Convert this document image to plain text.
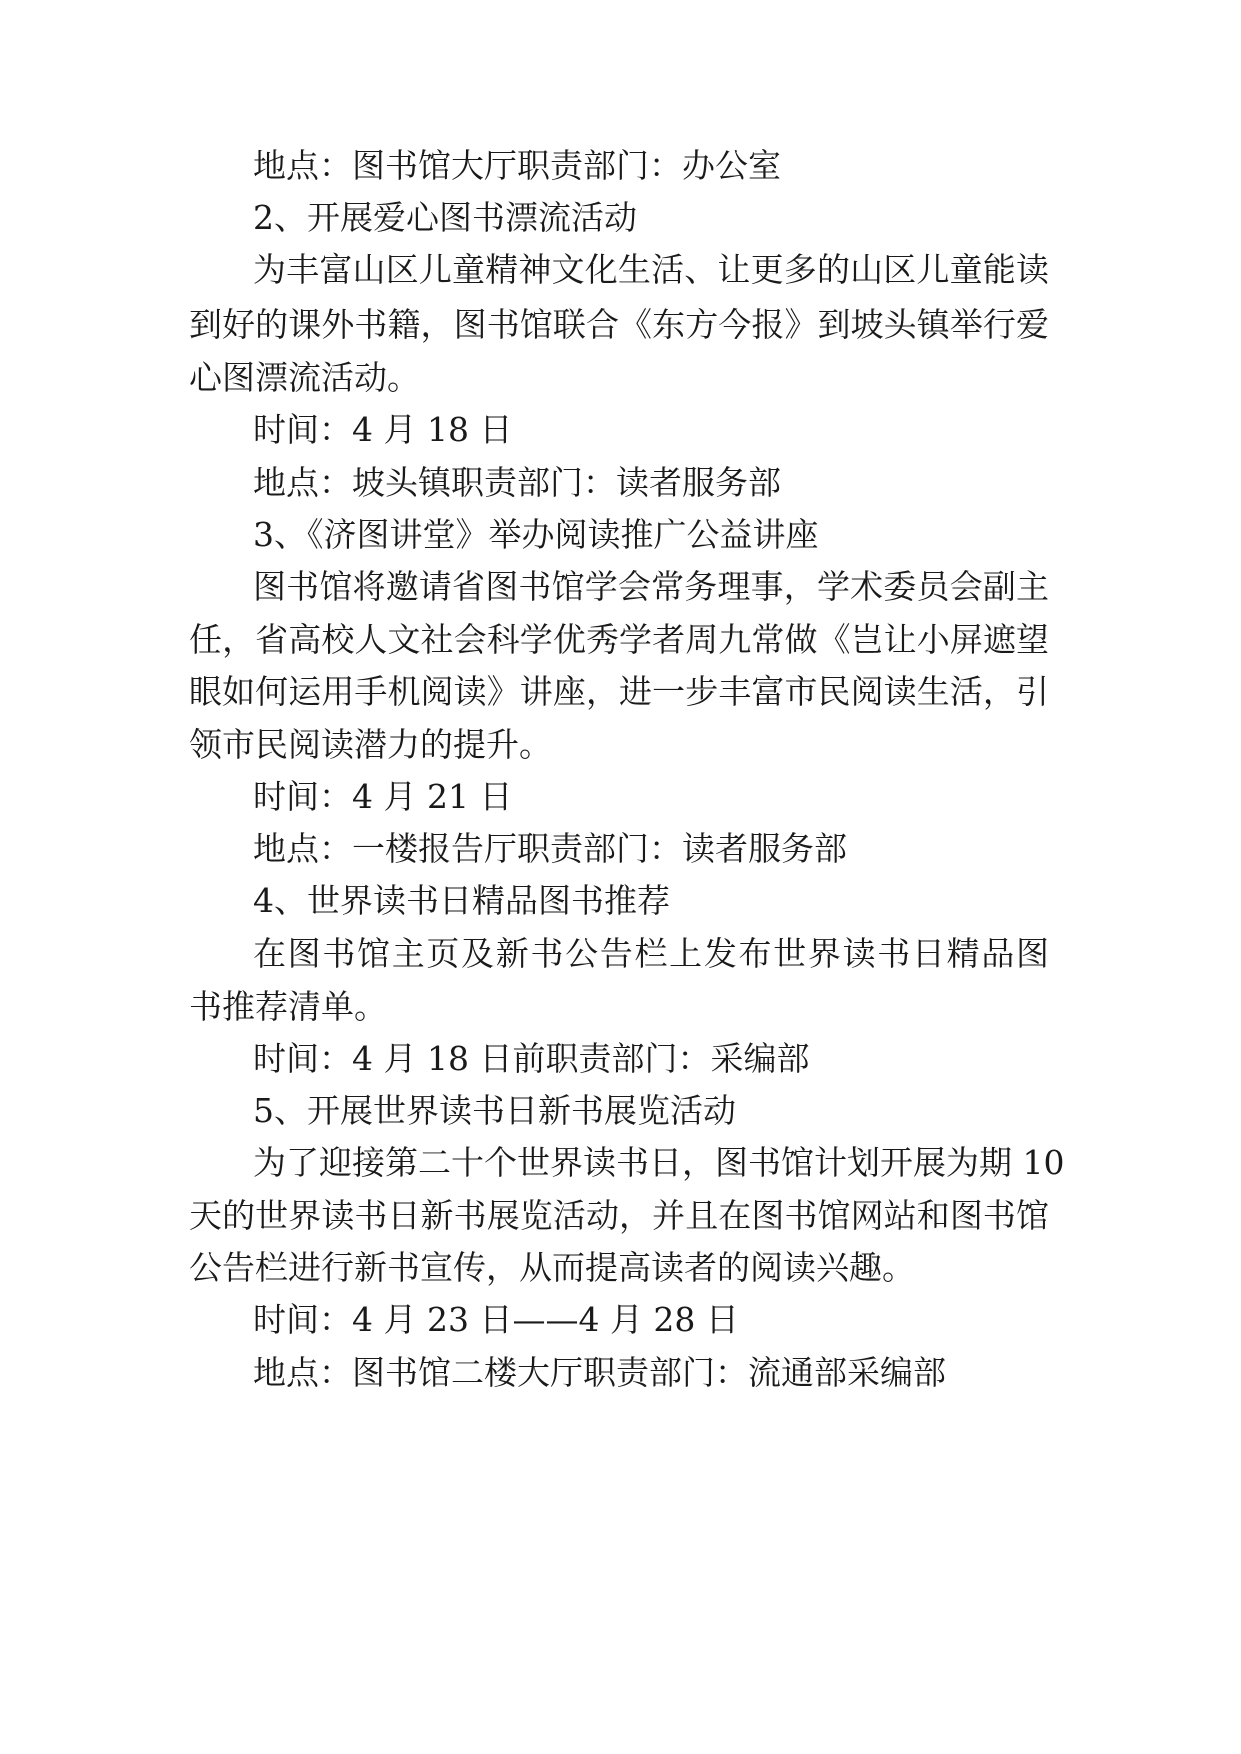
地点：图书馆大厅职责部门：办公室
2、开展爱心图书漂流活动
为丰富山区儿童精神文化生活、让更多的山区儿童能读
到好的课外书籍，图书馆联合《东方今报》到坡头镇举行爱
心图漂流活动。
时间：4 月 18 日
地点：坡头镇职责部门：读者服务部
3、《济图讲堂》举办阅读推广公益讲座
图书馆将邀请省图书馆学会常务理事，学术委员会副主
任，省高校人文社会科学优秀学者周九常做《岂让小屏遮望
眼如何运用手机阅读》讲座，进一步丰富市民阅读生活，引
领市民阅读潜力的提升。
时间：4 月 21 日
地点：一楼报告厅职责部门：读者服务部
4、世界读书日精品图书推荐
在图书馆主页及新书公告栏上发布世界读书日精品图
书推荐清单。
时间：4 月 18 日前职责部门：采编部
5、开展世界读书日新书展览活动
为了迎接第二十个世界读书日，图书馆计划开展为期 10
天的世界读书日新书展览活动，并且在图书馆网站和图书馆
公告栏进行新书宣传，从而提高读者的阅读兴趣。
时间：4 月 23 日——4 月 28 日
地点：图书馆二楼大厅职责部门：流通部采编部
